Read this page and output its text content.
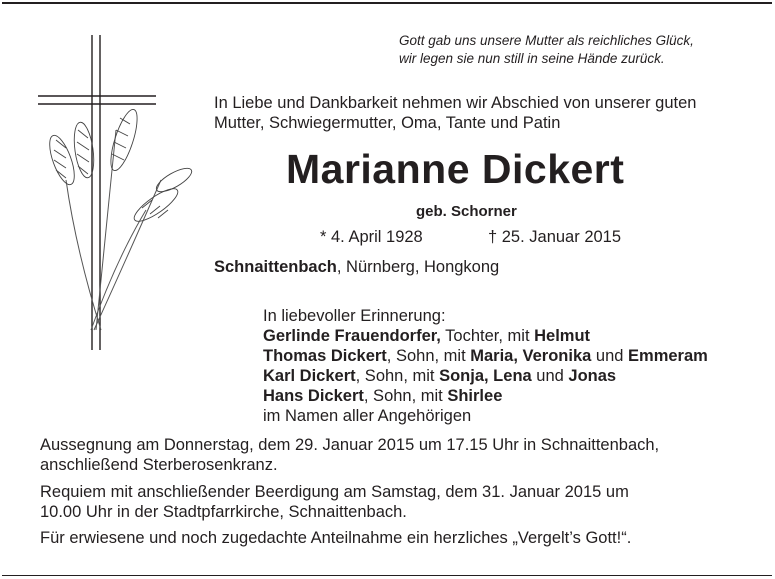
Gott gab uns unsere Mutter als reichliches Glück,
wir legen sie nun still in seine Hände zurück.
In Liebe und Dankbarkeit nehmen wir Abschied von unserer guten
Mutter, Schwiegermutter, Oma, Tante und Patin
Marianne Dickert
geb. Schorner
* 4. April 1928	† 25. Januar 2015
Schnaittenbach, Nürnberg, Hongkong
In liebevoller Erinnerung:
Gerlinde Frauendorfer, Tochter, mit Helmut
Thomas Dickert, Sohn, mit Maria, Veronika und Emmeram
Karl Dickert, Sohn, mit Sonja, Lena und Jonas
Hans Dickert, Sohn, mit Shirlee
im Namen aller Angehörigen
Aussegnung am Donnerstag, dem 29. Januar 2015 um 17.15 Uhr in Schnaittenbach,
anschließend Sterberosenkranz.
Requiem mit anschließender Beerdigung am Samstag, dem 31. Januar 2015 um
10.00 Uhr in der Stadtpfarrkirche, Schnaittenbach.
Für erwiesene und noch zugedachte Anteilnahme ein herzliches „Vergelt’s Gott!“.
